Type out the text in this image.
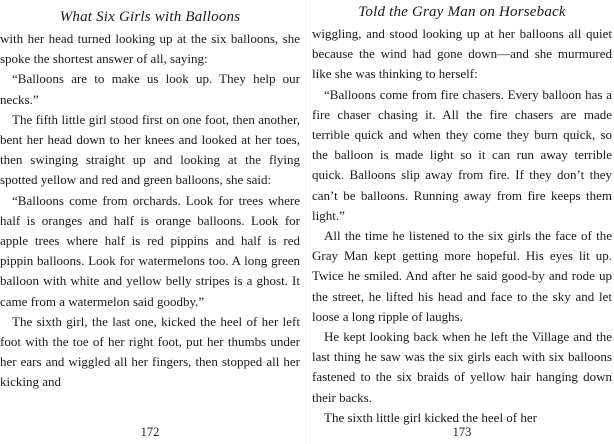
What Six Girls with Balloons

with her head turned looking up at the six balloons, she spoke the shortest answer of all, saying:

“Balloons are to make us look up. They help our necks.”

The fifth little girl stood first on one foot, then another, bent her head down to her knees and looked at her toes, then swinging straight up and looking at the flying spotted yellow and red and green balloons, she said:

“Balloons come from orchards. Look for trees where half is oranges and half is orange balloons. Look for apple trees where half is red pippins and half is red pippin balloons. Look for watermelons too. A long green balloon with white and yellow belly stripes is a ghost. It came from a watermelon said goodby.”

The sixth girl, the last one, kicked the heel of her left foot with the toe of her right foot, put her thumbs under her ears and wiggled all her fingers, then stopped all her kicking and

172
Told the Gray Man on Horseback

wiggling, and stood looking up at her balloons all quiet because the wind had gone down—and she murmured like she was thinking to herself:

“Balloons come from fire chasers. Every balloon has a fire chaser chasing it. All the fire chasers are made terrible quick and when they come they burn quick, so the balloon is made light so it can run away terrible quick. Balloons slip away from fire. If they don’t they can’t be balloons. Running away from fire keeps them light.”

All the time he listened to the six girls the face of the Gray Man kept getting more hopeful. His eyes lit up. Twice he smiled. And after he said good-by and rode up the street, he lifted his head and face to the sky and let loose a long ripple of laughs.

He kept looking back when he left the Village and the last thing he saw was the six girls each with six balloons fastened to the six braids of yellow hair hanging down their backs.

The sixth little girl kicked the heel of her

173
